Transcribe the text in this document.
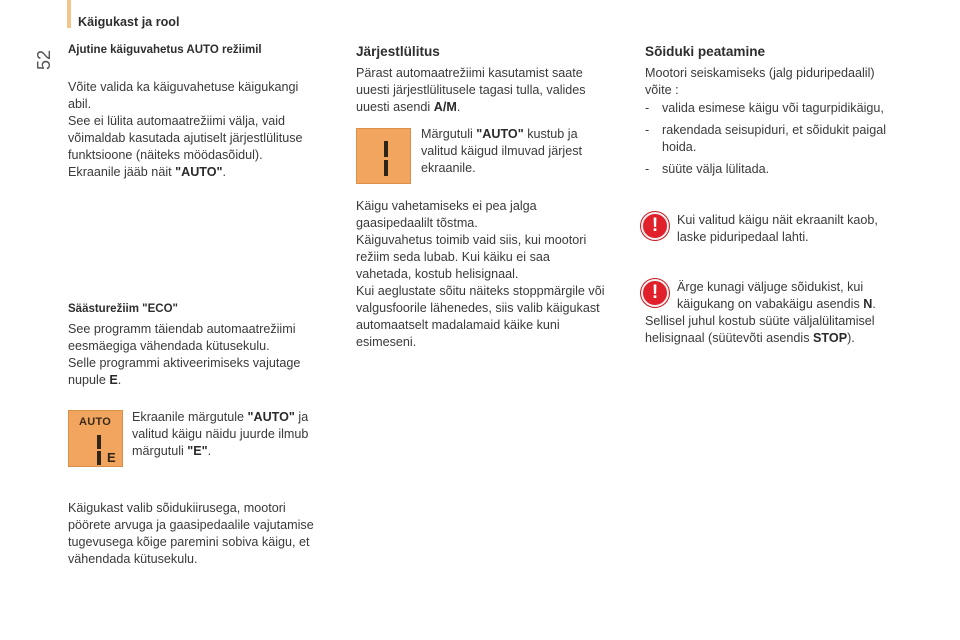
52
Käigukast ja rool
Ajutine käiguvahetus AUTO režiimil
Võite valida ka käiguvahetuse käigukangi
abil.
See ei lülita automaatrežiimi välja, vaid
võimaldab kasutada ajutiselt järjestlülituse
funktsioone (näiteks möödasõidul).
Ekraanile jääb näit "AUTO".
Säästurežiim "ECO"
See programm täiendab automaatrežiimi
eesmäegiga vähendada kütusekulu.
Selle programmi aktiveerimiseks vajutage
nupule E.
AUTO
E
Ekraanile märgutule "AUTO" ja
valitud käigu näidu juurde ilmub
märgutuli "E".
Käigukast valib sõidukiirusega, mootori
pöörete arvuga ja gaasipedaalile vajutamise
tugevusega kõige paremini sobiva käigu, et
vähendada kütusekulu.
Järjestlülitus
Pärast automaatrežiimi kasutamist saate
uuesti järjestlülitusele tagasi tulla, valides
uuesti asendi A/M.
Märgutuli "AUTO" kustub ja
valitud käigud ilmuvad järjest
ekraanile.
Käigu vahetamiseks ei pea jalga
gaasipedaalilt tõstma.
Käiguvahetus toimib vaid siis, kui mootori
režiim seda lubab. Kui käiku ei saa
vahetada, kostub helisignaal.
Kui aeglustate sõitu näiteks stoppmärgile või
valgusfoorile lähenedes, siis valib käigukast
automaatselt madalamaid käike kuni
esimeseni.
Sõiduki peatamine
Mootori seiskamiseks (jalg piduripedaalil)
võite :
- valida esimese käigu või tagurpidikäigu,
- rakendada seisupiduri, et sõidukit paigal hoida.
- süüte välja lülitada.
!	Kui valitud käigu näit ekraanilt kaob,
laske piduripedaal lahti.
!	Ärge kunagi väljuge sõidukist, kui
käigukang on vabakäigu asendis N.
Sellisel juhul kostub süüte väljalülitamisel
helisignaal (süütevõti asendis STOP).
